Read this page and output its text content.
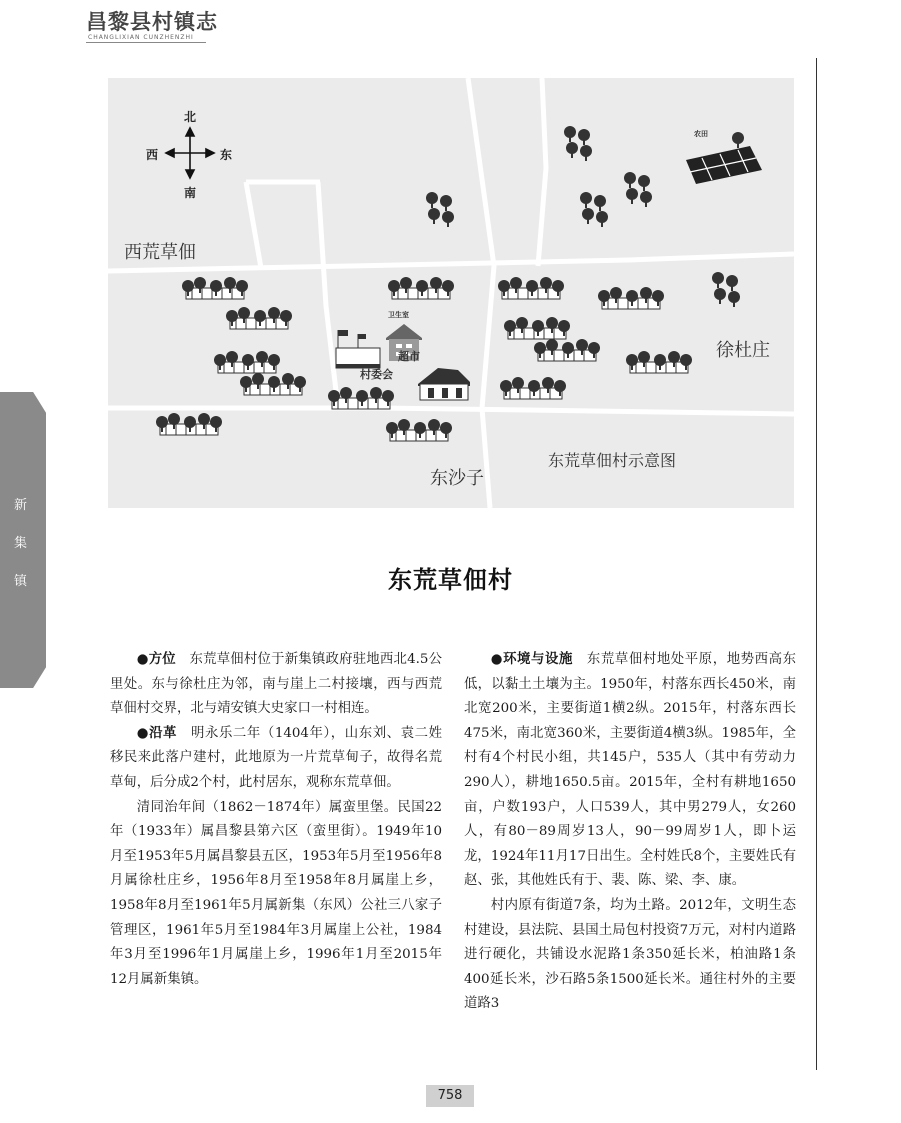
昌黎县村镇志
CHANGLIXIAN CUNZHENZHI
新
集
镇
北
南
西	东
西荒草佃
徐杜庄
东沙子
东荒草佃村示意图
卫生室
超市
村委会
农田
东荒草佃村

●方位　东荒草佃村位于新集镇政府驻地西北4.5公里处。东与徐杜庄为邻，南与崖上二村接壤，西与西荒草佃村交界，北与靖安镇大史家口一村相连。

●沿革　明永乐二年（1404年），山东刘、袁二姓移民来此落户建村，此地原为一片荒草甸子，故得名荒草甸，后分成2个村，此村居东，观称东荒草佃。

清同治年间（1862－1874年）属蛮里堡。民国22年（1933年）属昌黎县第六区（蛮里街）。1949年10月至1953年5月属昌黎县五区，1953年5月至1956年8月属徐杜庄乡，1956年8月至1958年8月属崖上乡，1958年8月至1961年5月属新集（东风）公社三八家子管理区，1961年5月至1984年3月属崖上公社，1984年3月至1996年1月属崖上乡，1996年1月至2015年12月属新集镇。

●环境与设施　东荒草佃村地处平原，地势西高东低，以黏土土壤为主。1950年，村落东西长450米，南北宽200米，主要街道1横2纵。2015年，村落东西长475米，南北宽360米，主要街道4横3纵。1985年，全村有4个村民小组，共145户，535人（其中有劳动力290人），耕地1650.5亩。2015年，全村有耕地1650亩，户数193户，人口539人，其中男279人，女260人，有80－89周岁13人，90－99周岁1人，即卜运龙，1924年11月17日出生。全村姓氏8个，主要姓氏有赵、张，其他姓氏有于、裴、陈、梁、李、康。

村内原有街道7条，均为土路。2012年，文明生态村建设，县法院、县国土局包村投资7万元，对村内道路进行硬化，共铺设水泥路1条350延长米，柏油路1条400延长米，沙石路5条1500延长米。通往村外的主要道路3

758
